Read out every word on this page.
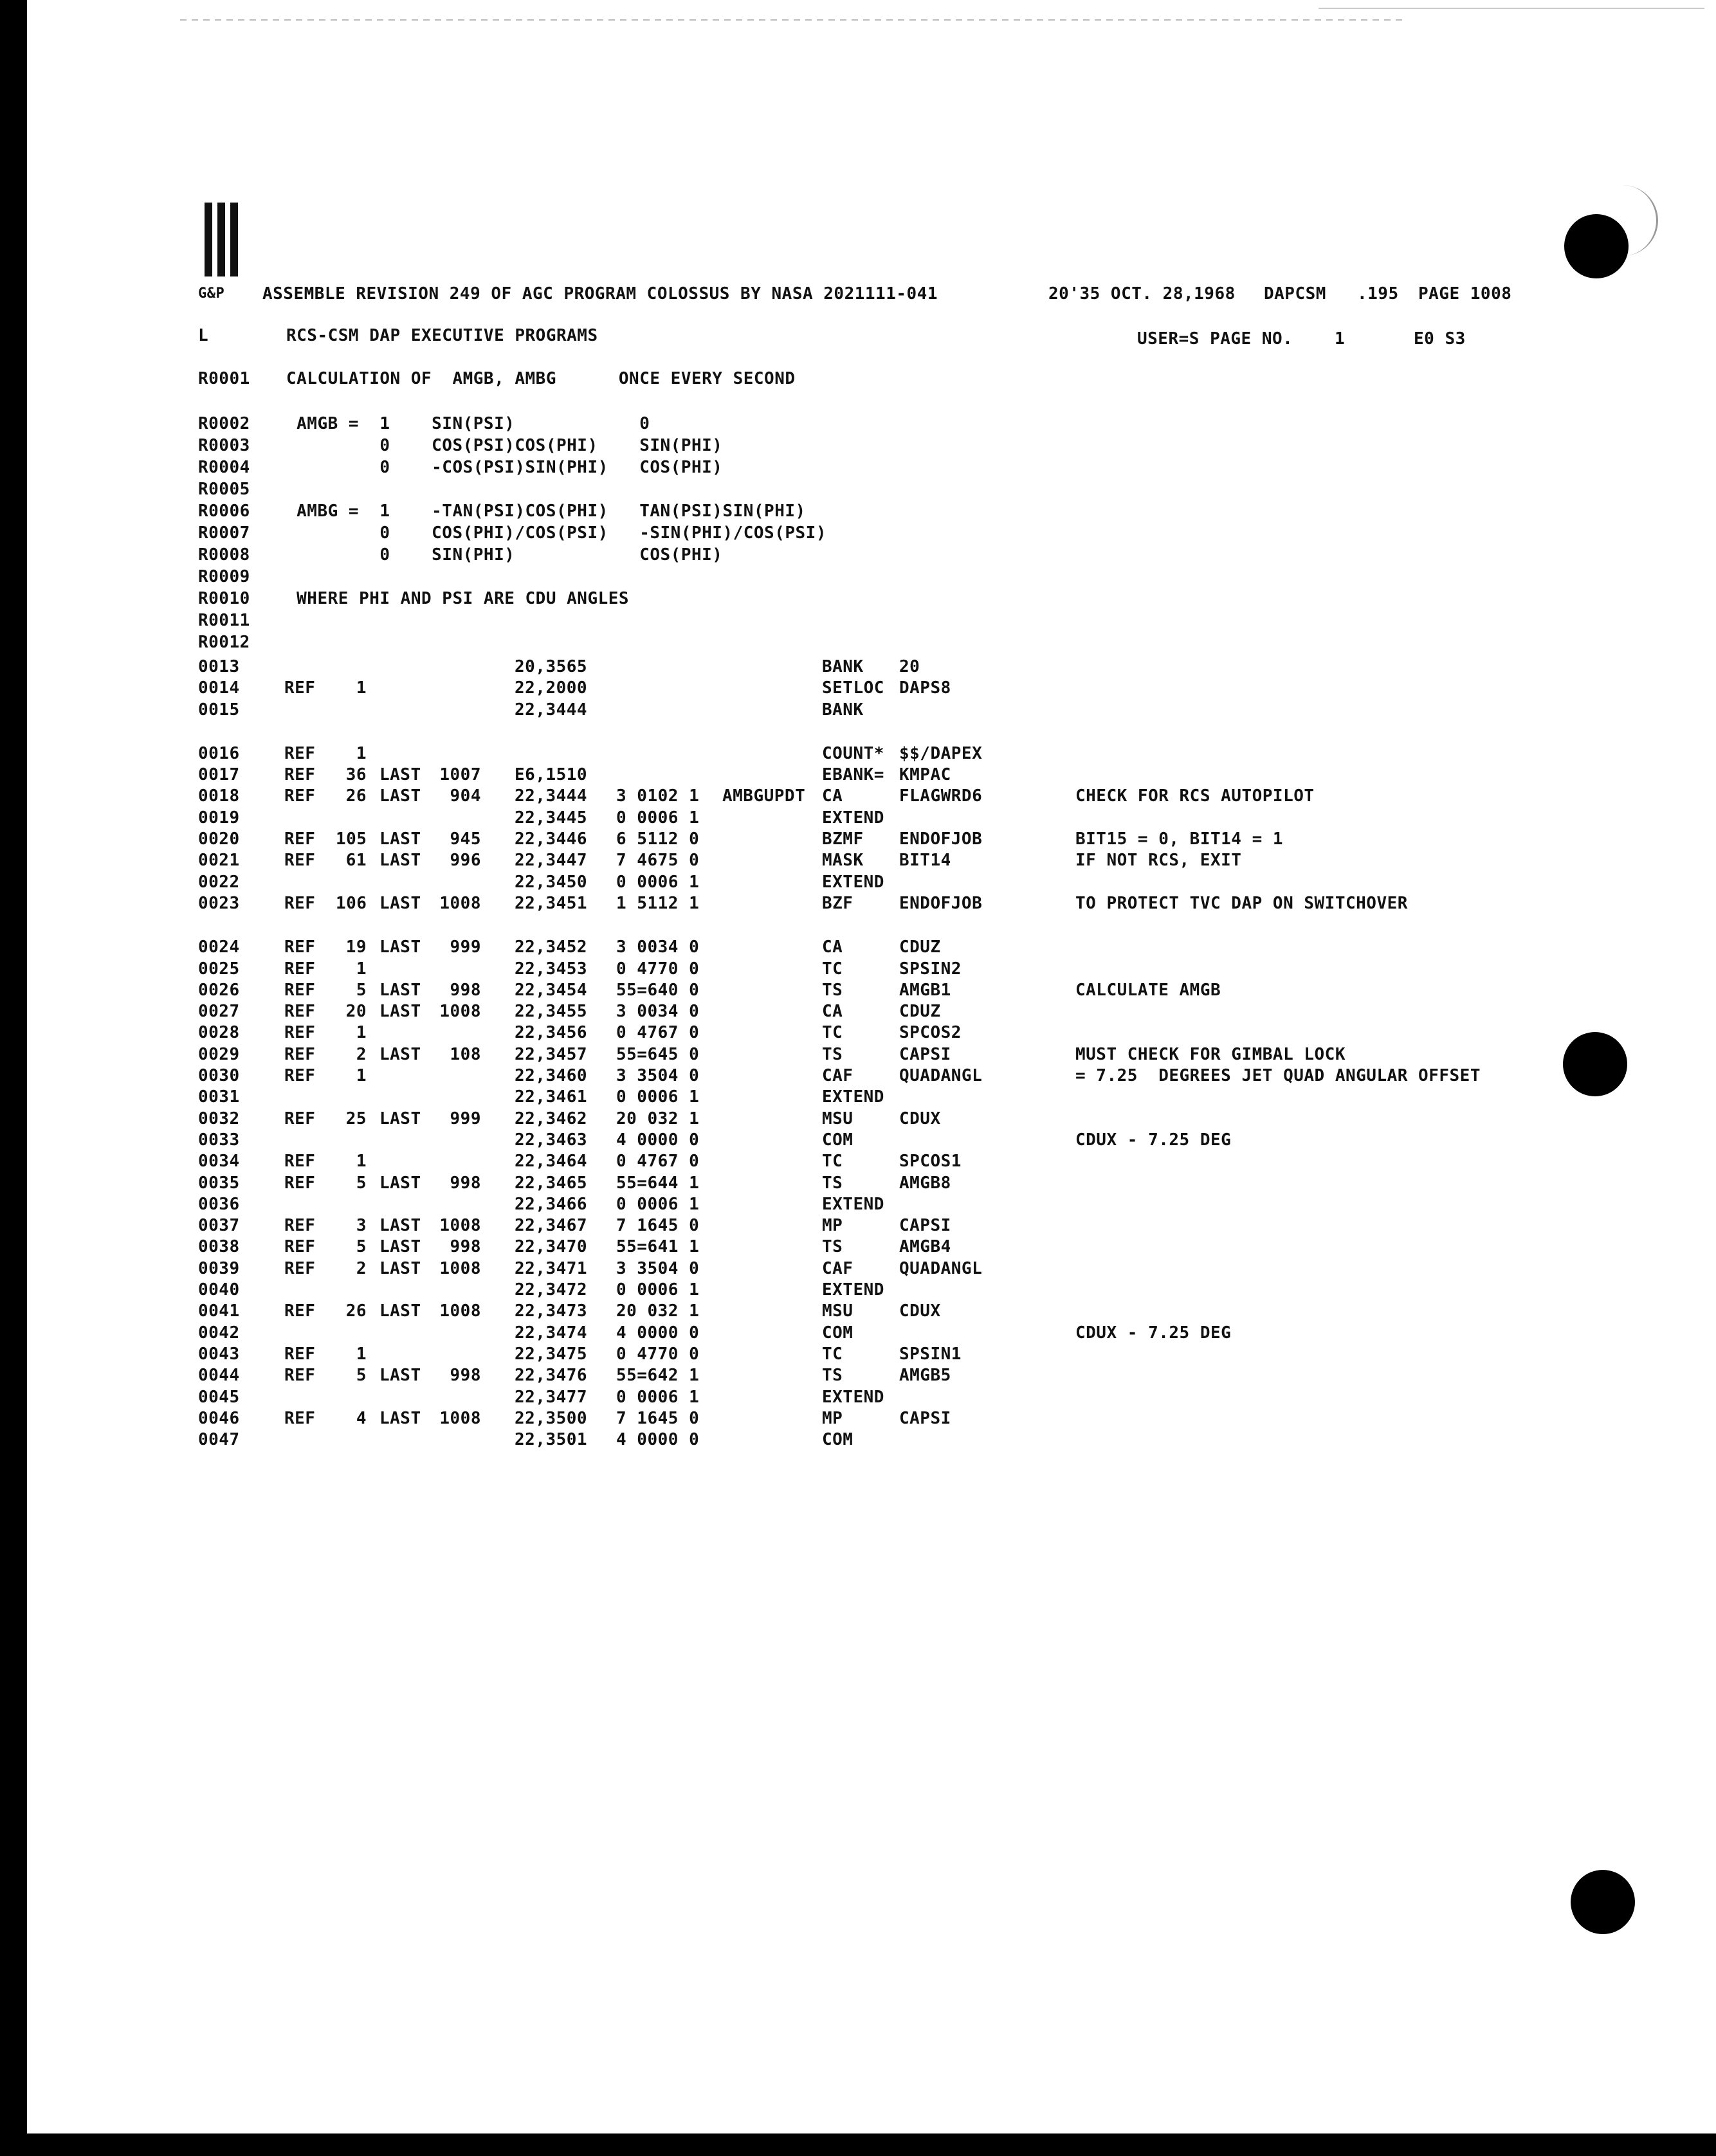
G&P ASSEMBLE REVISION 249 OF AGC PROGRAM COLOSSUS BY NASA 2021111-041	20'35 OCT. 28,1968 DAPCSM .195 PAGE 1008
L	RCS-CSM DAP EXECUTIVE PROGRAMS	USER=S PAGE NO. 1	E0 S3
R0001 CALCULATION OF  AMGB, AMBG      ONCE EVERY SECOND
R0002 AMGB =  1    SIN(PSI)            0
R0003 0    COS(PSI)COS(PHI)    SIN(PHI)
R0004 0    -COS(PSI)SIN(PHI)   COS(PHI)
R0005
R0006 AMBG =  1    -TAN(PSI)COS(PHI)   TAN(PSI)SIN(PHI)
R0007 0    COS(PHI)/COS(PSI)   -SIN(PHI)/COS(PSI)
R0008 0    SIN(PHI)            COS(PHI)
R0009
R0010 WHERE PHI AND PSI ARE CDU ANGLES
R0011
R0012
0013	20,3565	BANK 20
0014	REF	1	22,2000	SETLOC DAPS8
0015	22,3444	BANK
0016	REF	1	COUNT* $$/DAPEX
0017	REF	36 LAST 1007 E6,1510	EBANK= KMPAC
0018	REF	26 LAST	904 22,3444 3 0102 1 AMBGUPDT CA	FLAGWRD6	CHECK FOR RCS AUTOPILOT
0019	22,3445 0 0006 1	EXTEND
0020	REF 105 LAST	945 22,3446 6 5112 0	BZMF ENDOFJOB	BIT15 = 0, BIT14 = 1
0021	REF	61 LAST	996 22,3447 7 4675 0	MASK BIT14	IF NOT RCS, EXIT
0022	22,3450 0 0006 1	EXTEND
0023	REF 106 LAST 1008 22,3451 1 5112 1	BZF	ENDOFJOB	TO PROTECT TVC DAP ON SWITCHOVER
0024	REF	19 LAST	999 22,3452 3 0034 0	CA	CDUZ
0025	REF	1	22,3453 0 4770 0	TC	SPSIN2
0026	REF	5 LAST	998 22,3454 55=640 0	TS	AMGB1	CALCULATE AMGB
0027	REF	20 LAST 1008 22,3455 3 0034 0	CA	CDUZ
0028	REF	1	22,3456 0 4767 0	TC	SPCOS2
0029	REF	2 LAST	108 22,3457 55=645 0	TS	CAPSI	MUST CHECK FOR GIMBAL LOCK
0030	REF	1	22,3460 3 3504 0	CAF	QUADANGL	= 7.25  DEGREES JET QUAD ANGULAR OFFSET
0031	22,3461 0 0006 1	EXTEND
0032	REF	25 LAST	999 22,3462 20 032 1	MSU	CDUX
0033	22,3463 4 0000 0	COM	CDUX - 7.25 DEG
0034	REF	1	22,3464 0 4767 0	TC	SPCOS1
0035	REF	5 LAST	998 22,3465 55=644 1	TS	AMGB8
0036	22,3466 0 0006 1	EXTEND
0037	REF	3 LAST 1008 22,3467 7 1645 0	MP	CAPSI
0038	REF	5 LAST	998 22,3470 55=641 1	TS	AMGB4
0039	REF	2 LAST 1008 22,3471 3 3504 0	CAF	QUADANGL
0040	22,3472 0 0006 1	EXTEND
0041	REF	26 LAST 1008 22,3473 20 032 1	MSU	CDUX
0042	22,3474 4 0000 0	COM	CDUX - 7.25 DEG
0043	REF	1	22,3475 0 4770 0	TC	SPSIN1
0044	REF	5 LAST	998 22,3476 55=642 1	TS	AMGB5
0045	22,3477 0 0006 1	EXTEND
0046	REF	4 LAST 1008 22,3500 7 1645 0	MP	CAPSI
0047	22,3501 4 0000 0	COM
